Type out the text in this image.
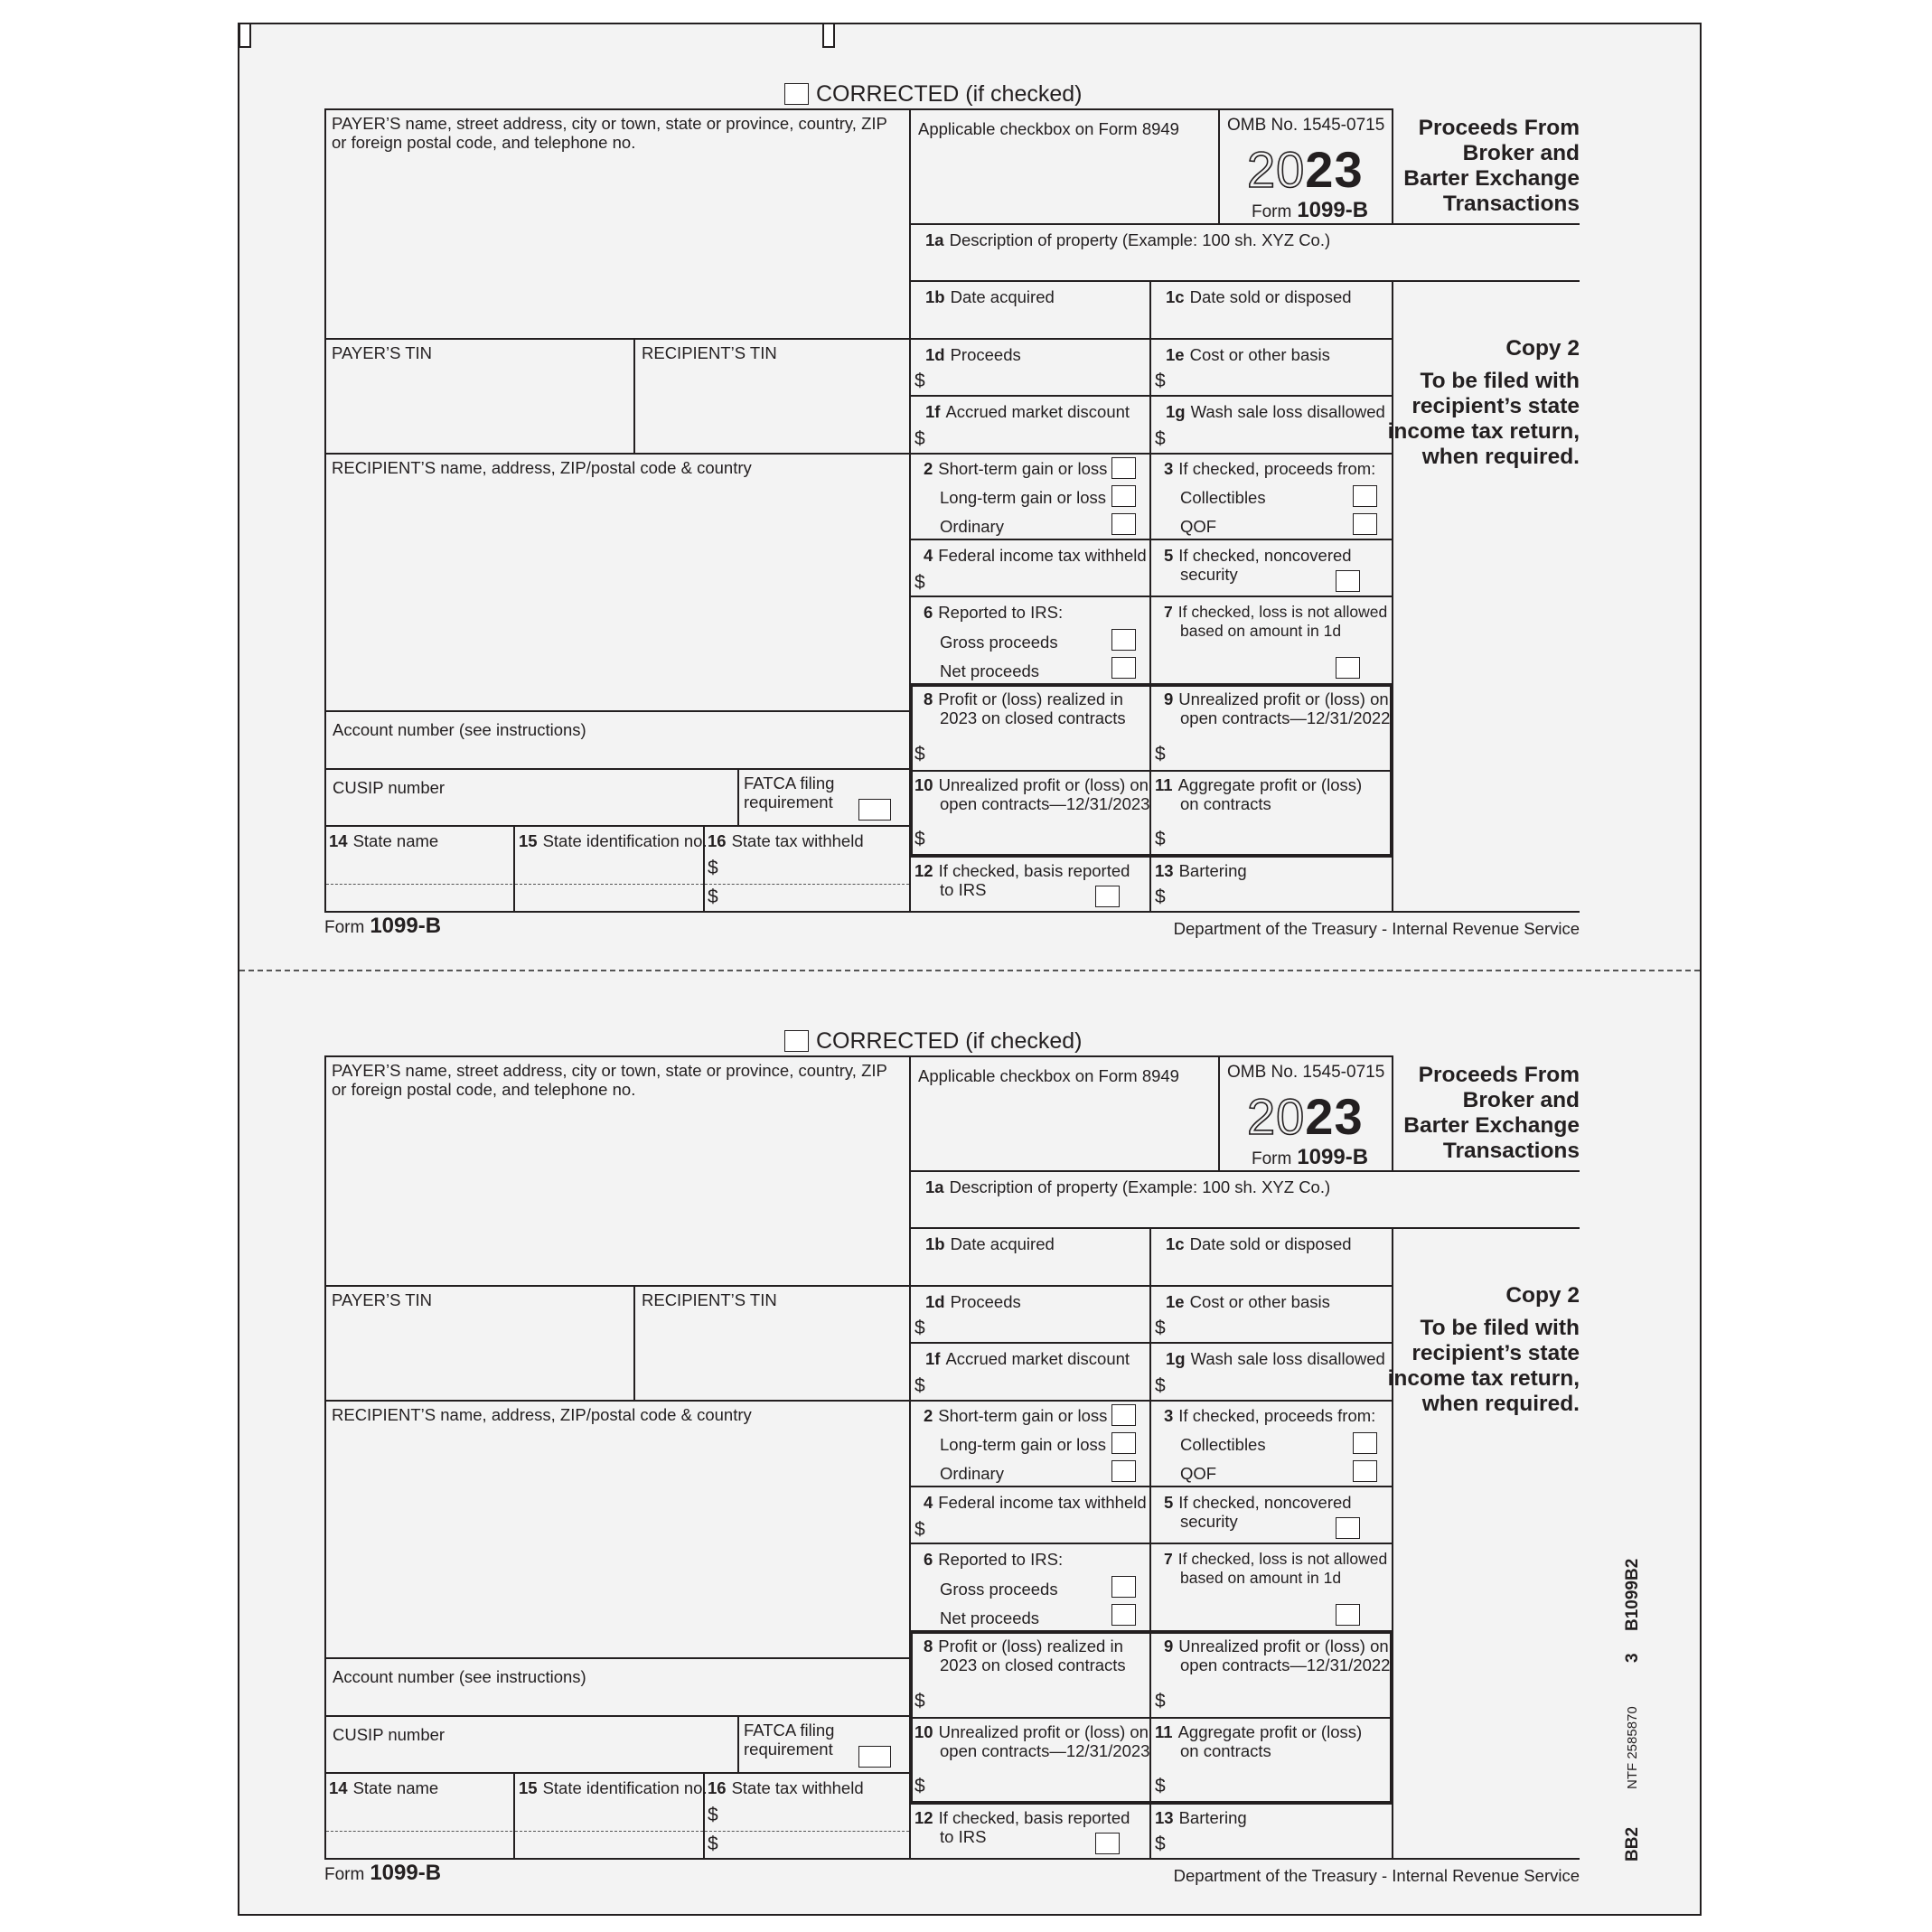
CORRECTED (if checked)
PAYER’S name, street address, city or town, state or province, country, ZIP
or foreign postal code, and telephone no.
PAYER’S TIN	RECIPIENT’S TIN
RECIPIENT’S name, address, ZIP/postal code & country
Account number (see instructions)
CUSIP number	FATCA filing
requirement
14 State name	15 State identification no. 16 State tax withheld
$
$
Applicable checkbox on Form 8949	OMB No. 1545-0715
2023
Form 1099-B
Proceeds From
Broker and
Barter Exchange
Transactions
1a Description of property (Example: 100 sh. XYZ Co.)
1b Date acquired	1c Date sold or disposed
1d Proceeds
$
1e Cost or other basis
$
1f Accrued market discount
$
1g Wash sale loss disallowed
$
2 Short-term gain or loss
Long-term gain or loss
Ordinary
3 If checked, proceeds from:
Collectibles
QOF
4 Federal income tax withheld
$
5 If checked, noncovered
security
6 Reported to IRS:
Gross proceeds
Net proceeds
7 If checked, loss is not allowed
based on amount in 1d
8 Profit or (loss) realized in
2023 on closed contracts
$
9 Unrealized profit or (loss) on
open contracts—12/31/2022
$
10 Unrealized profit or (loss) on
open contracts—12/31/2023
$
11 Aggregate profit or (loss)
on contracts
$
12 If checked, basis reported
to IRS
13 Bartering
$
Copy 2
To be filed with
recipient’s state
income tax return,
when required.
Form 1099-B	Department of the Treasury - Internal Revenue Service
CORRECTED (if checked)
PAYER’S name, street address, city or town, state or province, country, ZIP
or foreign postal code, and telephone no.
PAYER’S TIN	RECIPIENT’S TIN
RECIPIENT’S name, address, ZIP/postal code & country
Account number (see instructions)
CUSIP number	FATCA filing
requirement
14 State name	15 State identification no. 16 State tax withheld
$
$
Applicable checkbox on Form 8949	OMB No. 1545-0715
2023
Form 1099-B
Proceeds From
Broker and
Barter Exchange
Transactions
1a Description of property (Example: 100 sh. XYZ Co.)
1b Date acquired	1c Date sold or disposed
1d Proceeds
$
1e Cost or other basis
$
1f Accrued market discount
$
1g Wash sale loss disallowed
$
2 Short-term gain or loss
Long-term gain or loss
Ordinary
3 If checked, proceeds from:
Collectibles
QOF
4 Federal income tax withheld
$
5 If checked, noncovered
security
6 Reported to IRS:
Gross proceeds
Net proceeds
7 If checked, loss is not allowed
based on amount in 1d
8 Profit or (loss) realized in
2023 on closed contracts
$
9 Unrealized profit or (loss) on
open contracts—12/31/2022
$
10 Unrealized profit or (loss) on
open contracts—12/31/2023
$
11 Aggregate profit or (loss)
on contracts
$
12 If checked, basis reported
to IRS
13 Bartering
$
Copy 2
To be filed with
recipient’s state
income tax return,
when required.
Form 1099-B	Department of the Treasury - Internal Revenue Service
B1099B2
3
NTF 2585870
BB2
